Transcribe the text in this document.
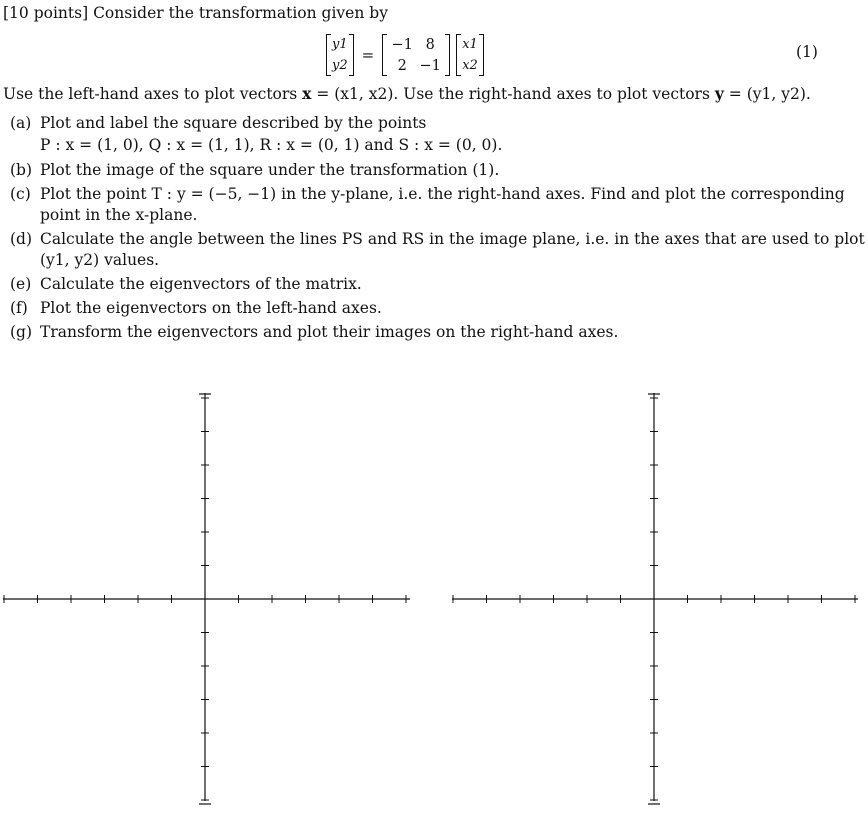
[10 points] Consider the transformation given by
y1
y2
=
−1 8
2 −1
x1
x2
(1)
Use the left-hand axes to plot vectors x = (x1, x2). Use the right-hand axes to plot vectors y = (y1, y2).
(a) Plot and label the square described by the points
P : x = (1, 0), Q : x = (1, 1), R : x = (0, 1) and S : x = (0, 0).
(b) Plot the image of the square under the transformation (1).
(c) Plot the point T : y = (−5, −1) in the y-plane, i.e. the right-hand axes. Find and plot the corresponding
point in the x-plane.
(d) Calculate the angle between the lines PS and RS in the image plane, i.e. in the axes that are used to plot
(y1, y2) values.
(e) Calculate the eigenvectors of the matrix.
(f) Plot the eigenvectors on the left-hand axes.
(g) Transform the eigenvectors and plot their images on the right-hand axes.
